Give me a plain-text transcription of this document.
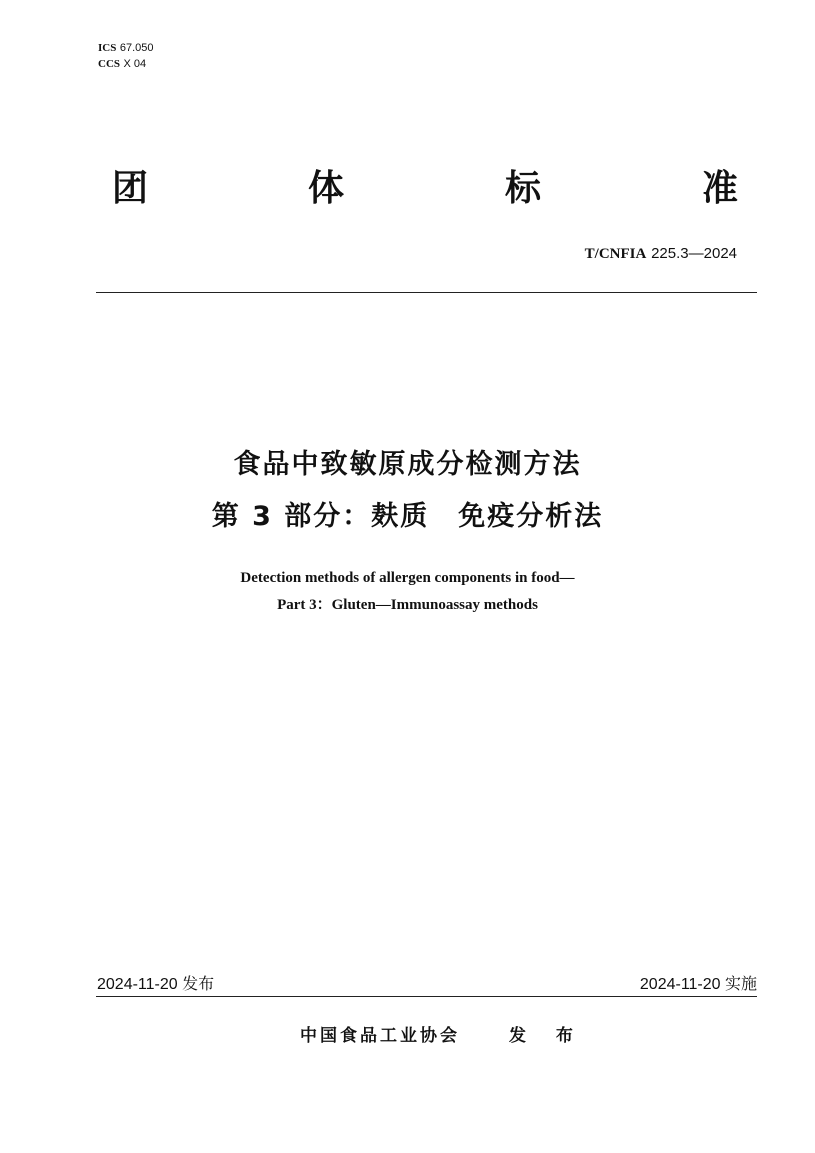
ICS 67.050
CCS X 04
团	体	标	准
T/CNFIA 225.3—2024
食品中致敏原成分检测方法
第 3 部分：麸质　免疫分析法
Detection methods of allergen components in food—
Part 3：Gluten—Immunoassay methods
2024-11-20 发布	2024-11-20 实施
中国食品工业协会	发 布
